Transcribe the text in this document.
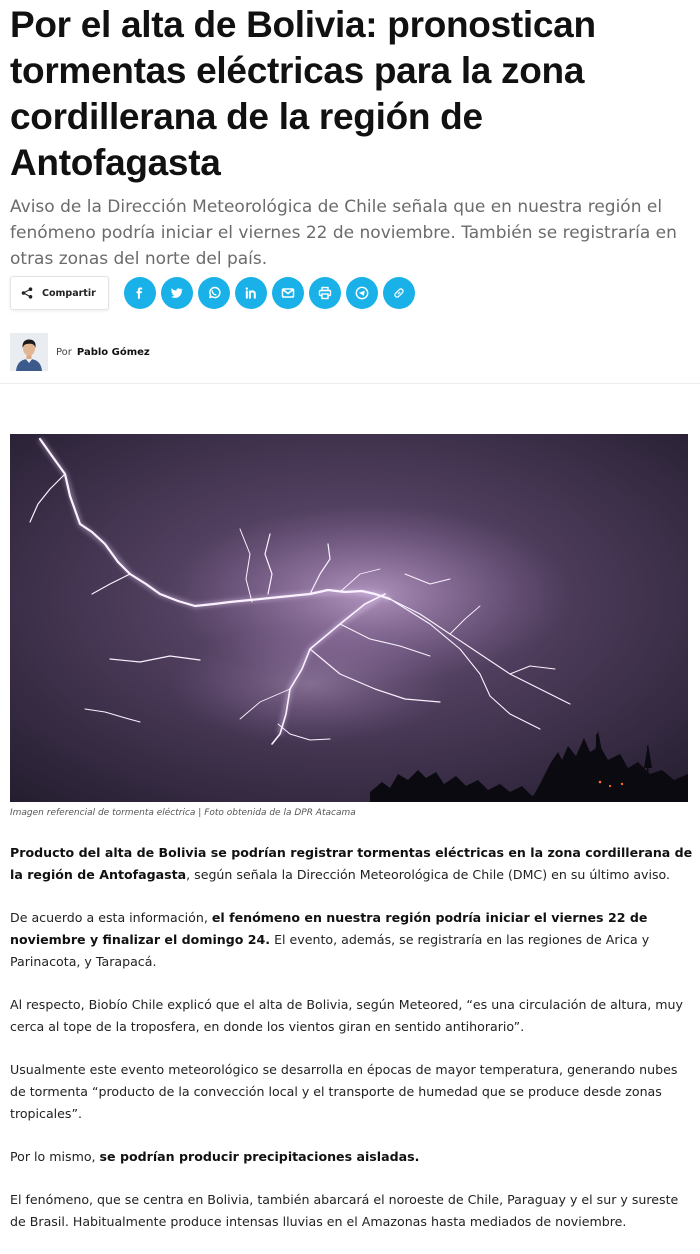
Por el alta de Bolivia: pronostican tormentas eléctricas para la zona cordillerana de la región de Antofagasta

Aviso de la Dirección Meteorológica de Chile señala que en nuestra región el fenómeno podría iniciar el viernes 22 de noviembre. También se registraría en otras zonas del norte del país.

Compartir
Por Pablo Gómez

Imagen referencial de tormenta eléctrica | Foto obtenida de la DPR Atacama

Producto del alta de Bolivia se podrían registrar tormentas eléctricas en la zona cordillerana de la región de Antofagasta, según señala la Dirección Meteorológica de Chile (DMC) en su último aviso.

De acuerdo a esta información, el fenómeno en nuestra región podría iniciar el viernes 22 de noviembre y finalizar el domingo 24. El evento, además, se registraría en las regiones de Arica y Parinacota, y Tarapacá.

Al respecto, Biobío Chile explicó que el alta de Bolivia, según Meteored, “es una circulación de altura, muy cerca al tope de la troposfera, en donde los vientos giran en sentido antihorario”.

Usualmente este evento meteorológico se desarrolla en épocas de mayor temperatura, generando nubes de tormenta “producto de la convección local y el transporte de humedad que se produce desde zonas tropicales”.

Por lo mismo, se podrían producir precipitaciones aisladas.

El fenómeno, que se centra en Bolivia, también abarcará el noroeste de Chile, Paraguay y el sur y sureste de Brasil. Habitualmente produce intensas lluvias en el Amazonas hasta mediados de noviembre.
